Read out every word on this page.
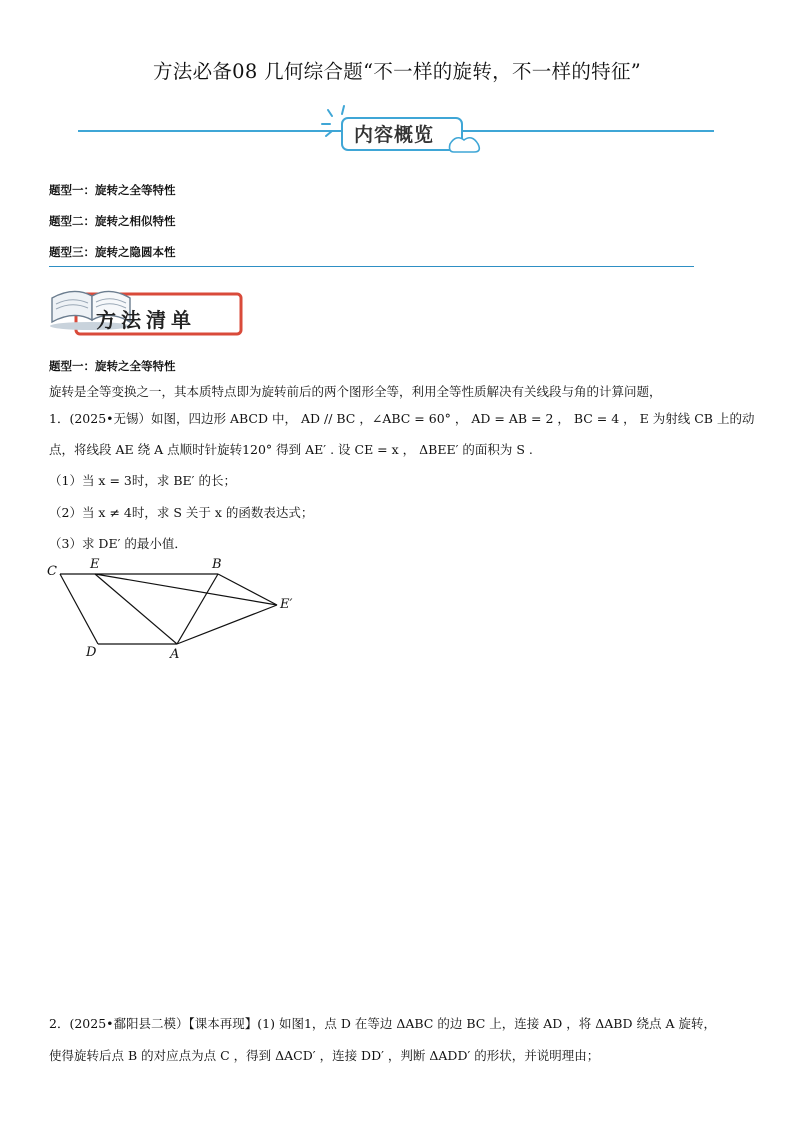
方法必备08 几何综合题“不一样的旋转，不一样的特征”
内容概览
题型一：旋转之全等特性
题型二：旋转之相似特性
题型三：旋转之隐圆本性
方法清单
题型一：旋转之全等特性
旋转是全等变换之一，其本质特点即为旋转前后的两个图形全等，利用全等性质解决有关线段与角的计算问题，
1．(2025•无锡）如图，四边形 ABCD 中， AD // BC ，∠ABC = 60° ， AD = AB = 2 ， BC = 4 ， E 为射线 CB 上的动
点，将线段 AE 绕 A 点顺时针旋转120° 得到 AE′ . 设 CE = x ， ΔBEE′ 的面积为 S .
（1）当 x = 3时，求 BE′ 的长；
（2）当 x ≠ 4时，求 S 关于 x 的函数表达式；
（3）求 DE′ 的最小值．
C	E	B
E′
D	A
2．(2025•鄱阳县二模）【课本再现】(1) 如图1，点 D 在等边 ΔABC 的边 BC 上，连接 AD ，将 ΔABD 绕点 A 旋转，
使得旋转后点 B 的对应点为点 C ，得到 ΔACD′ ，连接 DD′ ，判断 ΔADD′ 的形状，并说明理由；
